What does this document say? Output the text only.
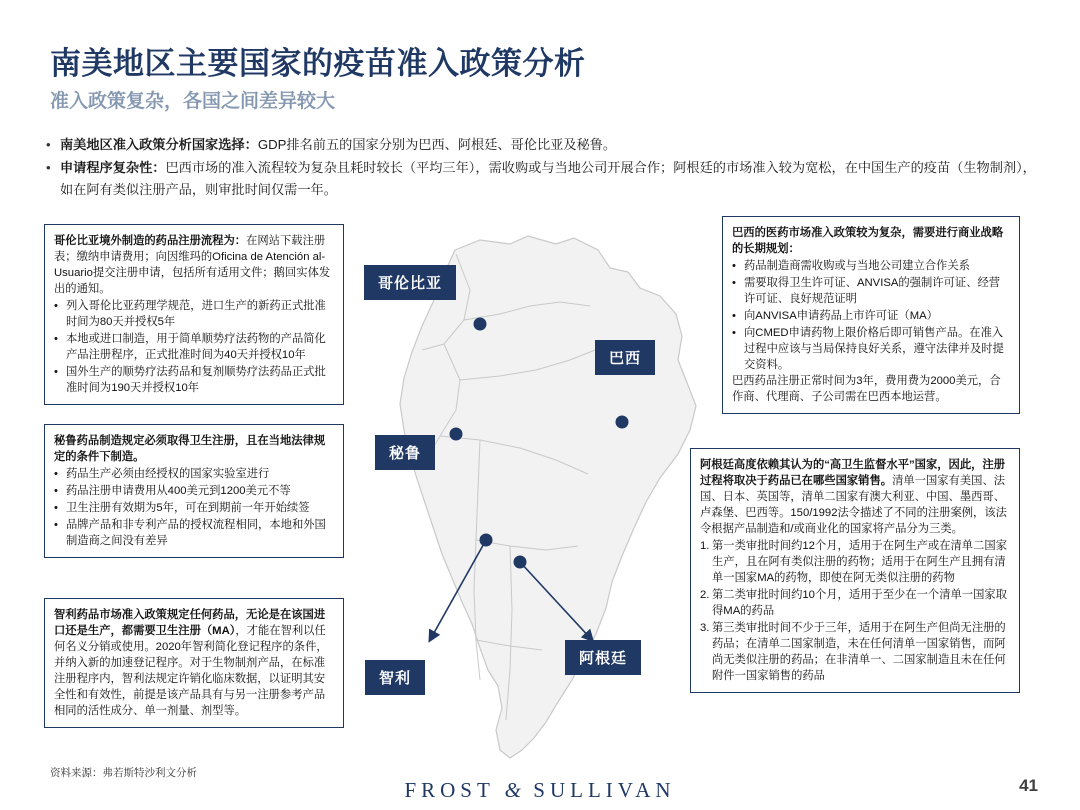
南美地区主要国家的疫苗准入政策分析
准入政策复杂，各国之间差异较大
• 南美地区准入政策分析国家选择：GDP排名前五的国家分别为巴西、阿根廷、哥伦比亚及秘鲁。
• 申请程序复杂性：巴西市场的准入流程较为复杂且耗时较长（平均三年），需收购或与当地公司开展合作；阿根廷的市场准入较为宽松，在中国生产的疫苗（生物制剂），如在阿有类似注册产品，则审批时间仅需一年。
哥伦比亚
巴西
秘鲁
阿根廷
智利
哥伦比亚境外制造的药品注册流程为：在网站下载注册表；缴纳申请费用；向因维玛的Oficina de Atención al-Usuario提交注册申请，包括所有适用文件；鹅回实体发出的通知。
• 列入哥伦比亚药理学规范，进口生产的新药正式批准时间为80天并授权5年
• 本地或进口制造，用于简单顺势疗法药物的产品简化产品注册程序，正式批准时间为40天并授权10年
• 国外生产的顺势疗法药品和复剂顺势疗法药品正式批准时间为190天并授权10年
秘鲁药品制造规定必须取得卫生注册，且在当地法律规定的条件下制造。
• 药品生产必须由经授权的国家实验室进行
• 药品注册申请费用从400美元到1200美元不等
• 卫生注册有效期为5年，可在到期前一年开始续签
• 品牌产品和非专利产品的授权流程相同，本地和外国制造商之间没有差异

智利药品市场准入政策规定任何药品，无论是在该国进口还是生产，都需要卫生注册（MA），才能在智利以任何名义分销或使用。2020年智利简化登记程序的条件，并纳入新的加速登记程序。对于生物制剂产品，在标准注册程序内，智利法规定许销化临床数据，以证明其安全性和有效性，前提是该产品具有与另一注册参考产品相同的活性成分、单一剂量、剂型等。

巴西的医药市场准入政策较为复杂，需要进行商业战略的长期规划：
• 药品制造商需收购或与当地公司建立合作关系
• 需要取得卫生许可证、ANVISA的强制许可证、经营许可证、良好规范证明
• 向ANVISA申请药品上市许可证（MA）
• 向CMED申请药物上限价格后即可销售产品。在准入过程中应该与当局保持良好关系，遵守法律并及时提交资料。

巴西药品注册正常时间为3年，费用费为2000美元，合作商、代理商、子公司需在巴西本地运营。

阿根廷高度依赖其认为的“高卫生监督水平”国家，因此，注册过程将取决于药品已在哪些国家销售。清单一国家有美国、法国、日本、英国等，清单二国家有澳大利亚、中国、墨西哥、卢森堡、巴西等。150/1992法令描述了不同的注册案例，该法令根据产品制造和/或商业化的国家将产品分为三类。
1. 第一类审批时间约12个月，适用于在阿生产或在清单二国家生产，且在阿有类似注册的药物；适用于在阿生产且拥有清单一国家MA的药物，即使在阿无类似注册的药物
2. 第二类审批时间约10个月，适用于至少在一个清单一国家取得MA的药品
3. 第三类审批时间不少于三年，适用于在阿生产但尚无注册的药品；在清单二国家制造，未在任何清单一国家销售，而阿尚无类似注册的药品；在非清单一、二国家制造且未在任何附件一国家销售的药品
资料来源：弗若斯特沙利文分析
FROST & SULLIVAN	41
